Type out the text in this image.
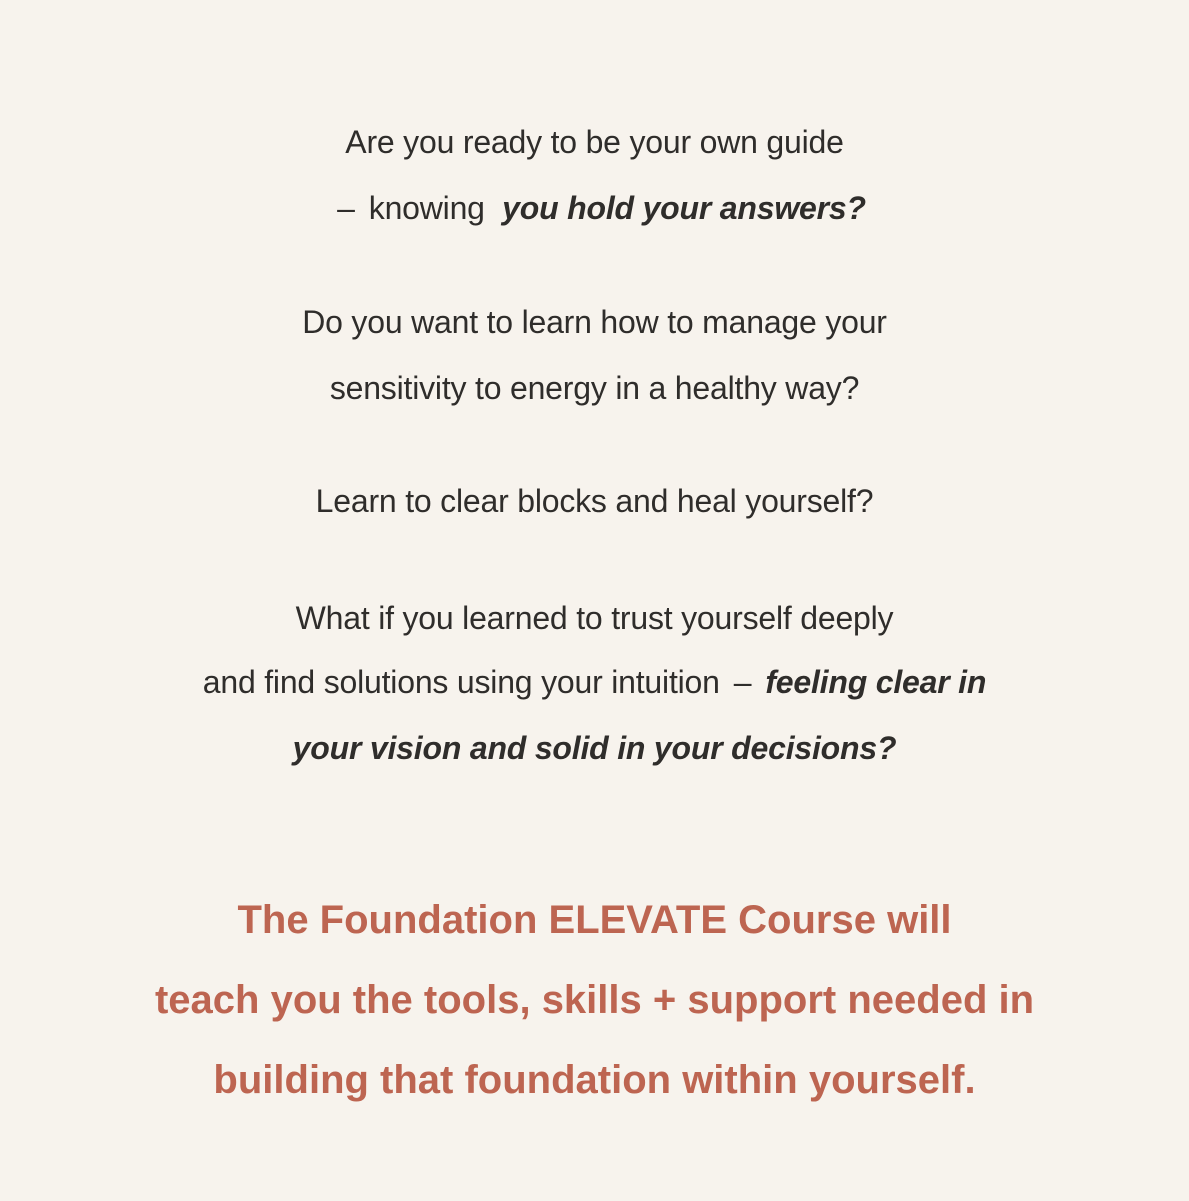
Are you ready to be your own guide
– knowing you hold your answers?
Do you want to learn how to manage your
sensitivity to energy in a healthy way?
Learn to clear blocks and heal yourself?
What if you learned to trust yourself deeply
and find solutions using your intuition – feeling clear in
your vision and solid in your decisions?
The Foundation ELEVATE Course will
teach you the tools, skills + support needed in
building that foundation within yourself.
